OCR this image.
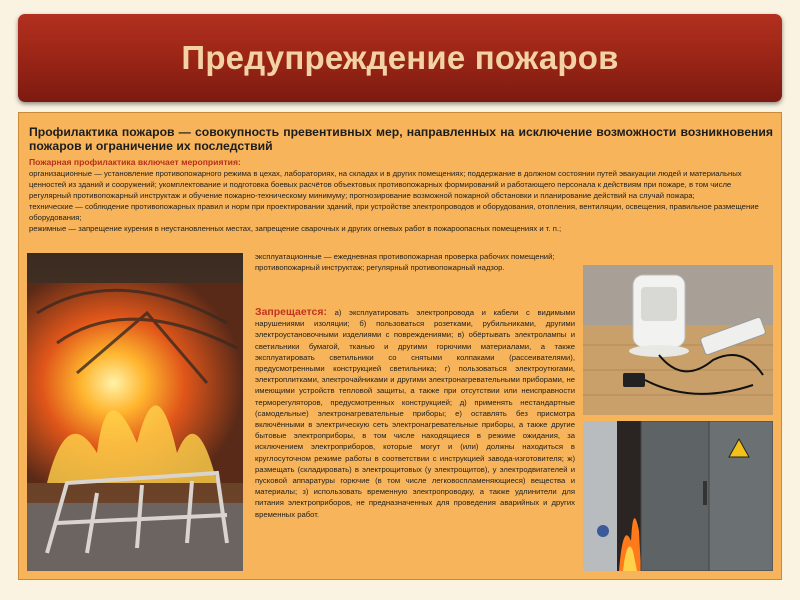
Предупреждение пожаров
Профилактика пожаров — совокупность превентивных мер, направленных на исключение возможности возникновения пожаров и ограничение их последствий
Пожарная профилактика включает мероприятия:

организационные — установление противопожарного режима в цехах, лабораториях, на складах и в других помещениях; поддержание в должном состоянии путей эвакуации людей и материальных ценностей из зданий и сооружений; укомплектование и подготовка боевых расчётов объектовых противопожарных формирований и работающего персонала к действиям при пожаре, в том числе регулярный противопожарный инструктаж и обучение пожарно-техническому минимуму; прогнозирование возможной пожарной обстановки и планирование действий на случай пожара;

технические — соблюдение противопожарных правил и норм при проектировании зданий, при устройстве электропроводов и оборудования, отопления, вентиляции, освещения, правильное размещение оборудования;

режимные — запрещение курения в неустановленных местах, запрещение сварочных и других огневых работ в пожароопасных помещениях и т. п.;

эксплуатационные — ежедневная противопожарная проверка рабочих помещений; противопожарный инструктаж; регулярный противопожарный надзор.
Запрещается: а) эксплуатировать электропровода и кабели с видимыми нарушениями изоляции; б) пользоваться розетками, рубильниками, другими электроустановочными изделиями с повреждениями; в) обёртывать электролампы и светильники бумагой, тканью и другими горючими материалами, а также эксплуатировать светильники со снятыми колпаками (рассеивателями), предусмотренными конструкцией светильника; г) пользоваться электроутюгами, электроплитками, электрочайниками и другими электронагревательными приборами, не имеющими устройств тепловой защиты, а также при отсутствии или неисправности терморегуляторов, предусмотренных конструкцией; д) применять нестандартные (самодельные) электронагревательные приборы; е) оставлять без присмотра включёнными в электрическую сеть электронагревательные приборы, а также другие бытовые электроприборы, в том числе находящиеся в режиме ожидания, за исключением электроприборов, которые могут и (или) должны находиться в круглосуточном режиме работы в соответствии с инструкцией завода-изготовителя; ж) размещать (складировать) в электрощитовых (у электрощитов), у электродвигателей и пусковой аппаратуры горючие (в том числе легковоспламеняющиеся) вещества и материалы; з) использовать временную электропроводку, а также удлинители для питания электроприборов, не предназначенных для проведения аварийных и других временных работ.
